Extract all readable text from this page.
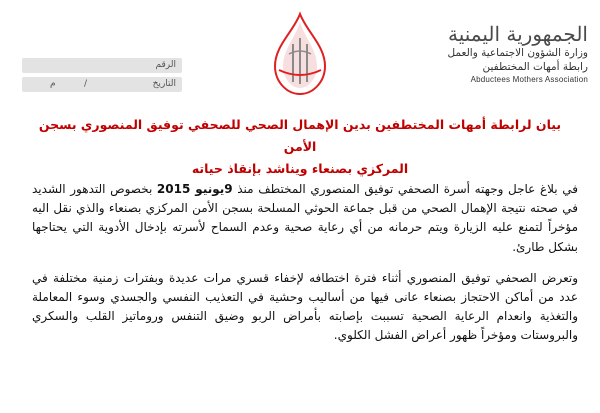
الجمهورية اليمنية
وزارة الشؤون الاجتماعية والعمل
رابطة أمهات المختطفين
Abductees Mothers Association
الرقم
التاريخ
/
م
بيان لرابطة أمهات المختطفين بدين الإهمال الصحي للصحفي توفيق المنصوري بسجن الأمن
المركزي بصنعاء ويناشد بإنقاذ حياته

في بلاغ عاجل وجهته أسرة الصحفي توفيق المنصوري المختطف منذ 9يونيو 2015 بخصوص التدهور الشديد في صحته نتيجة الإهمال الصحي من قبل جماعة الحوثي المسلحة بسجن الأمن المركزي بصنعاء والذي نقل اليه مؤخراً لتمنع عليه الزيارة ويتم حرمانه من أي رعاية صحية وعدم السماح لأسرته بإدخال الأدوية التي يحتاجها بشكل طارئ.

وتعرض الصحفي توفيق المنصوري أثناء فترة اختطافه لإخفاء قسري مرات عديدة وبفترات زمنية مختلفة في عدد من أماكن الاحتجاز بصنعاء عانى فيها من أساليب وحشية في التعذيب النفسي والجسدي وسوء المعاملة والتغذية وانعدام الرعاية الصحية تسببت بإصابته بأمراض الربو وضيق التنفس وروماتيز القلب والسكري والبروستات ومؤخراً ظهور أعراض الفشل الكلوي.
